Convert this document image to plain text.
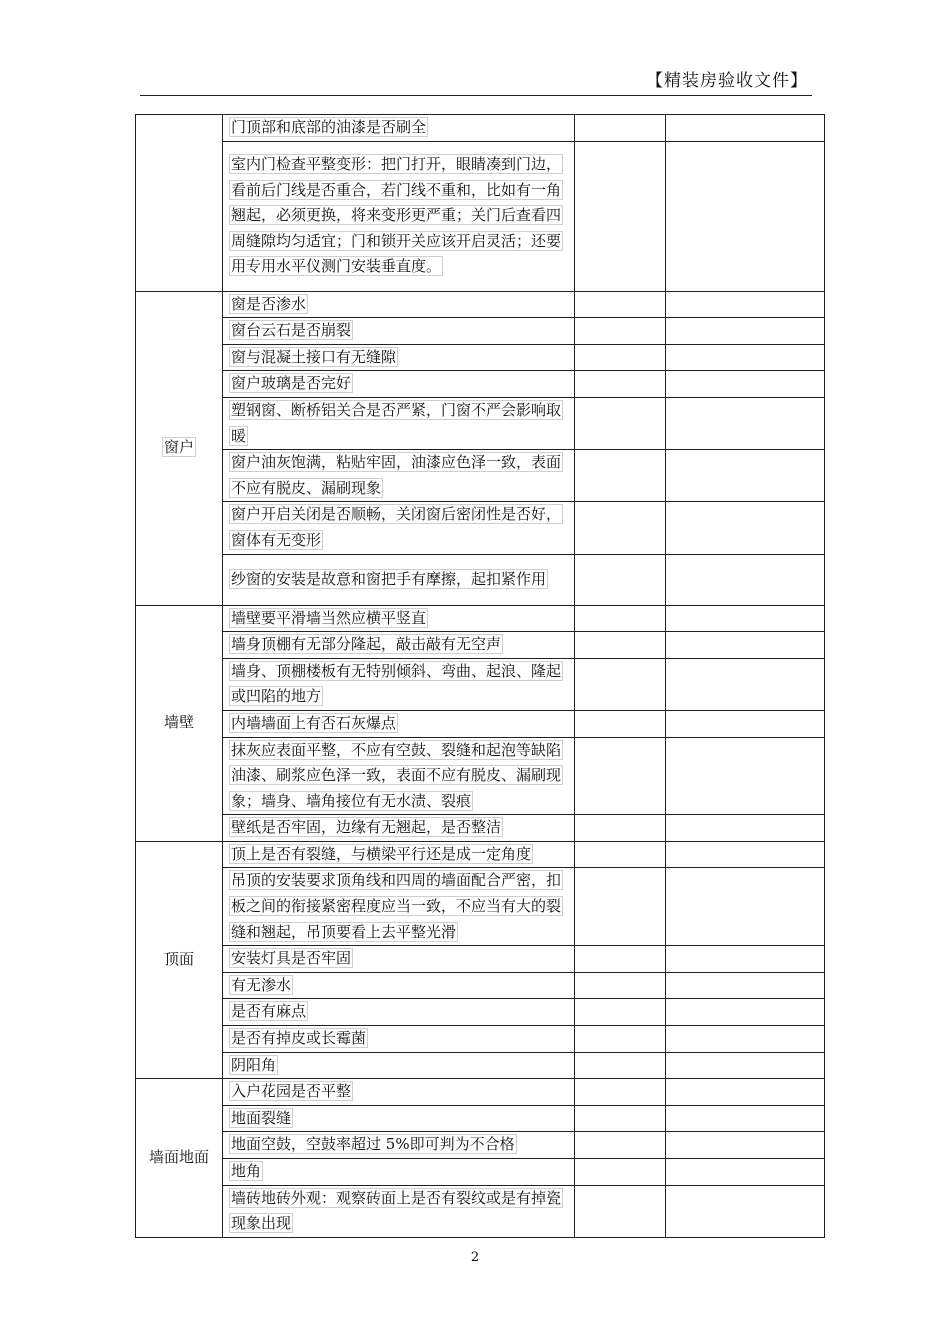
【精装房验收文件】
	门顶部和底部的油漆是否刷全		
	室内门检查平整变形：把门打开，眼睛凑到门边，看前后门线是否重合，若门线不重和，比如有一角翘起，必须更换，将来变形更严重；关门后查看四周缝隙均匀适宜；门和锁开关应该开启灵活；还要用专用水平仪测门安装垂直度。		
窗户	窗是否渗水		
	窗台云石是否崩裂		
	窗与混凝土接口有无缝隙		
	窗户玻璃是否完好		
	塑钢窗、断桥铝关合是否严紧，门窗不严会影响取暖		
	窗户油灰饱满，粘贴牢固，油漆应色泽一致，表面不应有脱皮、漏刷现象		
	窗户开启关闭是否顺畅，关闭窗后密闭性是否好，窗体有无变形		
	纱窗的安装是故意和窗把手有摩擦，起扣紧作用		
墙壁	墙壁要平滑墙当然应横平竖直		
	墙身顶棚有无部分隆起，敲击敲有无空声		
	墙身、顶棚楼板有无特别倾斜、弯曲、起浪、隆起或凹陷的地方		
	内墙墙面上有否石灰爆点		
	抹灰应表面平整，不应有空鼓、裂缝和起泡等缺陷油漆、刷浆应色泽一致，表面不应有脱皮、漏刷现象；墙身、墙角接位有无水渍、裂痕		
	壁纸是否牢固，边缘有无翘起，是否整洁		
顶面	顶上是否有裂缝，与横梁平行还是成一定角度		
	吊顶的安装要求顶角线和四周的墙面配合严密，扣板之间的衔接紧密程度应当一致，不应当有大的裂缝和翘起，吊顶要看上去平整光滑		
	安装灯具是否牢固		
	有无渗水		
	是否有麻点		
	是否有掉皮或长霉菌		
	阴阳角		
墙面地面	入户花园是否平整		
	地面裂缝		
	地面空鼓，空鼓率超过 5%即可判为不合格		
	地角		
	墙砖地砖外观：观察砖面上是否有裂纹或是有掉瓷现象出现		
2
